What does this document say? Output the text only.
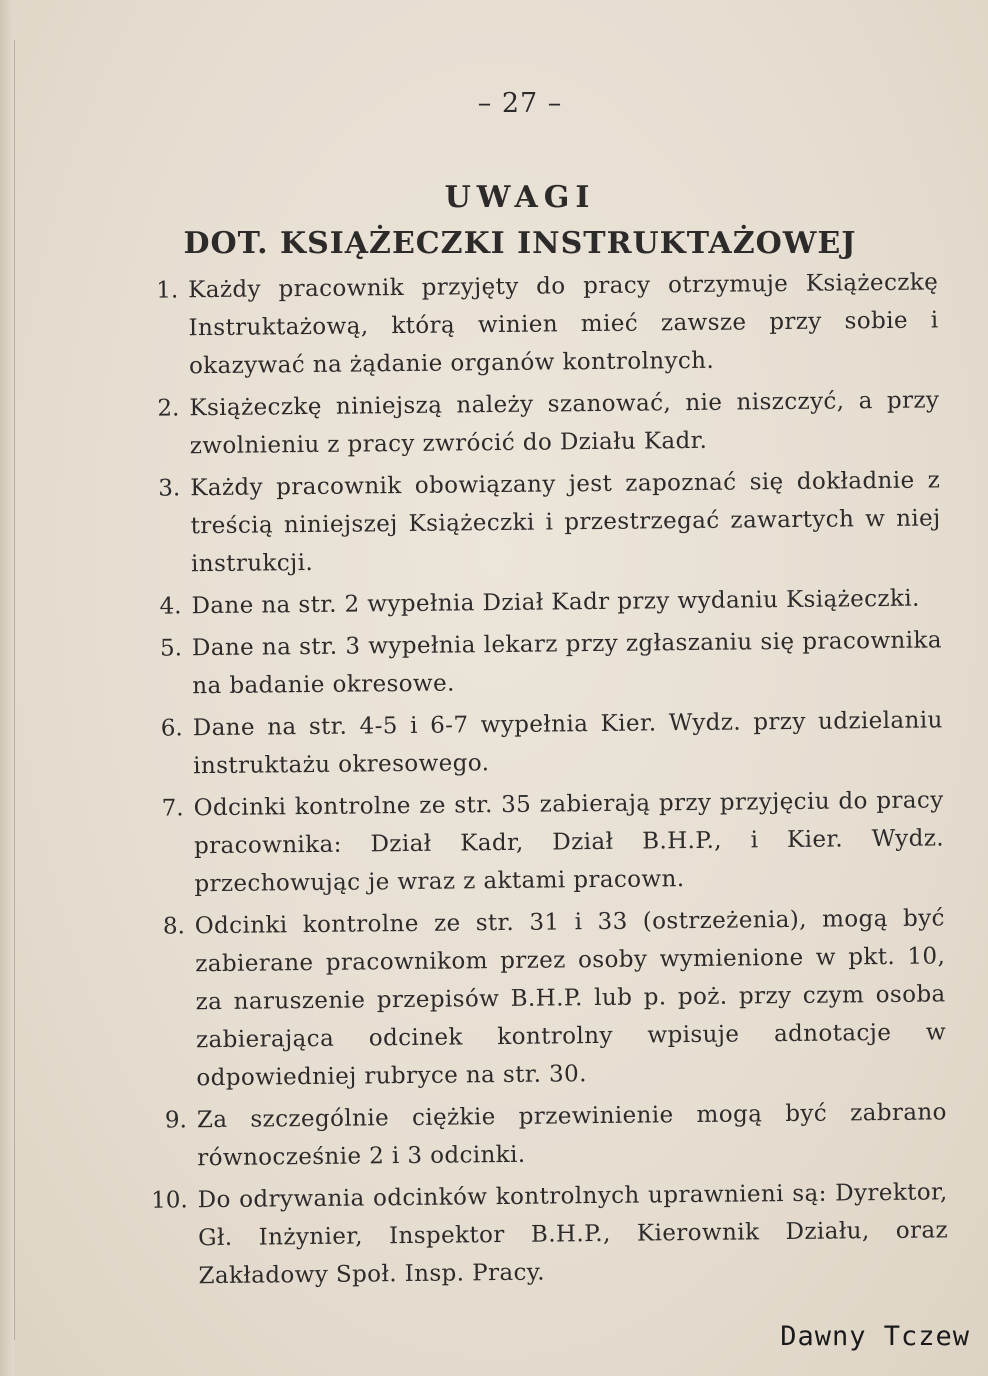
– 27 –
UWAGI
DOT. KSIĄŻECZKI INSTRUKTAŻOWEJ
1. Każdy pracownik przyjęty do pracy otrzymuje Książeczkę Instruktażową, którą winien mieć zawsze przy sobie i okazywać na żądanie organów kontrolnych.
2. Książeczkę niniejszą należy szanować, nie niszczyć, a przy zwolnieniu z pracy zwrócić do Działu Kadr.
3. Każdy pracownik obowiązany jest zapoznać się dokładnie z treścią niniejszej Książeczki i przestrzegać zawartych w niej instrukcji.
4. Dane na str. 2 wypełnia Dział Kadr przy wydaniu Książeczki.
5. Dane na str. 3 wypełnia lekarz przy zgłaszaniu się pracownika na badanie okresowe.
6. Dane na str. 4-5 i 6-7 wypełnia Kier. Wydz. przy udzielaniu instruktażu okresowego.
7. Odcinki kontrolne ze str. 35 zabierają przy przyjęciu do pracy pracownika: Dział Kadr, Dział B.H.P., i Kier. Wydz. przechowując je wraz z aktami pracown.
8. Odcinki kontrolne ze str. 31 i 33 (ostrzeżenia), mogą być zabierane pracownikom przez osoby wymienione w pkt. 10, za naruszenie przepisów B.H.P. lub p. poż. przy czym osoba zabierająca odcinek kontrolny wpisuje adnotacje w odpowiedniej rubryce na str. 30.
9. Za szczególnie ciężkie przewinienie mogą być zabrano równocześnie 2 i 3 odcinki.
10. Do odrywania odcinków kontrolnych uprawnieni są: Dyrektor, Gł. Inżynier, Inspektor B.H.P., Kierownik Działu, oraz Zakładowy Społ. Insp. Pracy.
Dawny Tczew
